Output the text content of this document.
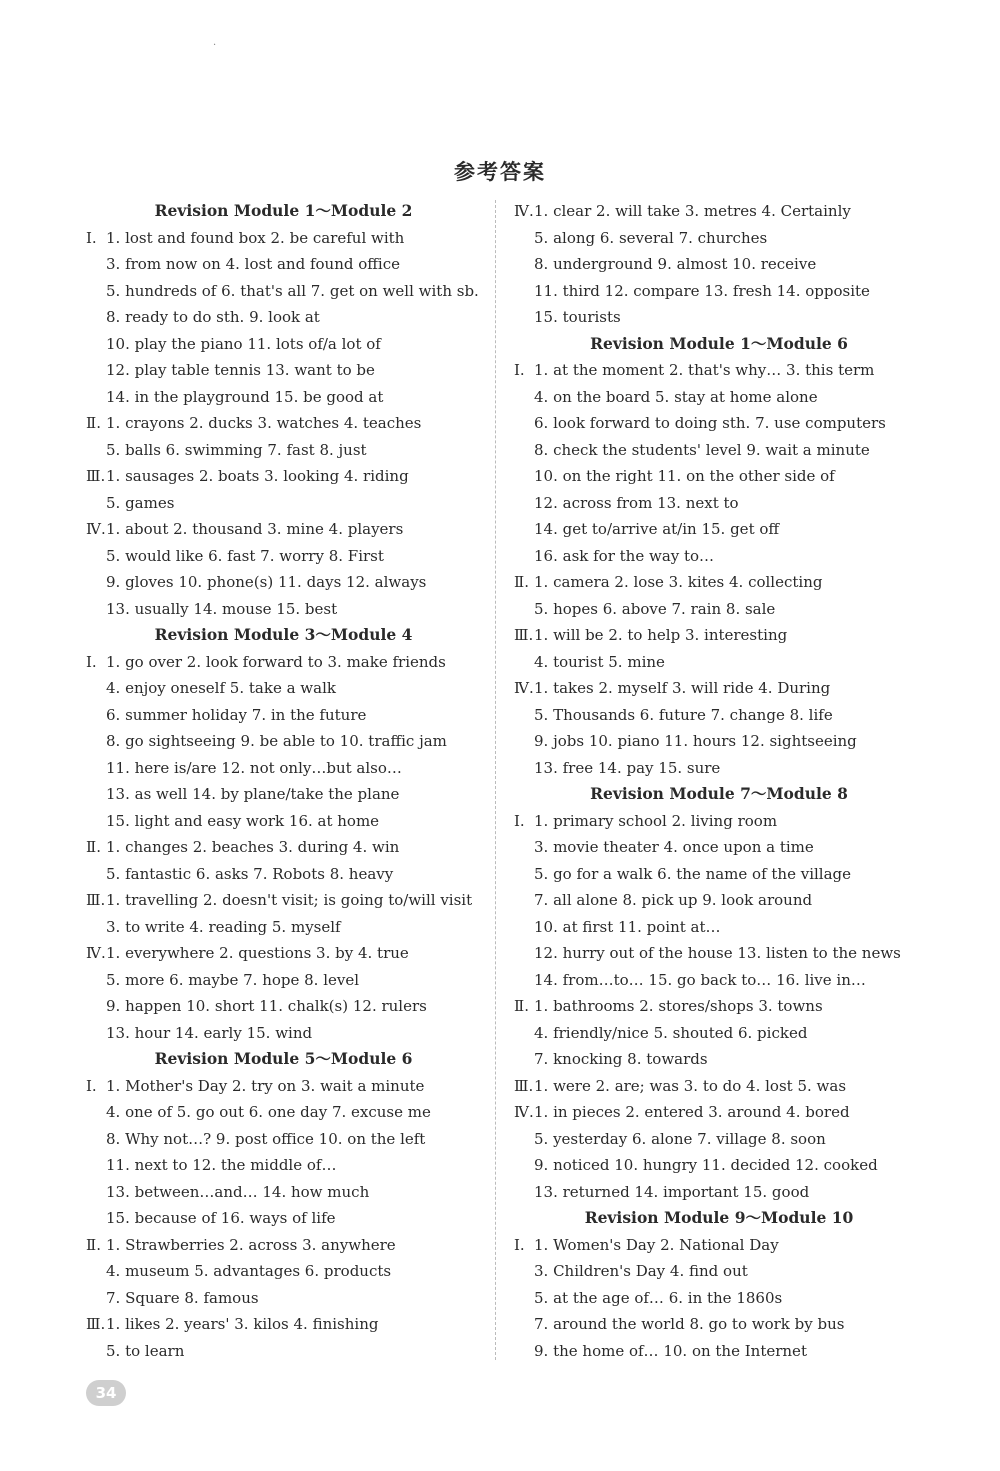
·
参考答案
Revision Module 1～Module 2
Ⅰ. 1. lost and found box 2. be careful with
3. from now on 4. lost and found office
5. hundreds of 6. that's all 7. get on well with sb.
8. ready to do sth. 9. look at
10. play the piano 11. lots of/a lot of
12. play table tennis 13. want to be
14. in the playground 15. be good at
Ⅱ. 1. crayons 2. ducks 3. watches 4. teaches
5. balls 6. swimming 7. fast 8. just
Ⅲ.1. sausages 2. boats 3. looking 4. riding
5. games
Ⅳ.1. about 2. thousand 3. mine 4. players
5. would like 6. fast 7. worry 8. First
9. gloves 10. phone(s) 11. days 12. always
13. usually 14. mouse 15. best
Revision Module 3～Module 4
Ⅰ. 1. go over 2. look forward to 3. make friends
4. enjoy oneself 5. take a walk
6. summer holiday 7. in the future
8. go sightseeing 9. be able to 10. traffic jam
11. here is/are 12. not only…but also…
13. as well 14. by plane/take the plane
15. light and easy work 16. at home
Ⅱ. 1. changes 2. beaches 3. during 4. win
5. fantastic 6. asks 7. Robots 8. heavy
Ⅲ.1. travelling 2. doesn't visit; is going to/will visit
3. to write 4. reading 5. myself
Ⅳ.1. everywhere 2. questions 3. by 4. true
5. more 6. maybe 7. hope 8. level
9. happen 10. short 11. chalk(s) 12. rulers
13. hour 14. early 15. wind
Revision Module 5～Module 6
Ⅰ. 1. Mother's Day 2. try on 3. wait a minute
4. one of 5. go out 6. one day 7. excuse me
8. Why not…? 9. post office 10. on the left
11. next to 12. the middle of…
13. between…and… 14. how much
15. because of 16. ways of life
Ⅱ. 1. Strawberries 2. across 3. anywhere
4. museum 5. advantages 6. products
7. Square 8. famous
Ⅲ.1. likes 2. years' 3. kilos 4. finishing
5. to learn
Ⅳ.1. clear 2. will take 3. metres 4. Certainly
5. along 6. several 7. churches
8. underground 9. almost 10. receive
11. third 12. compare 13. fresh 14. opposite
15. tourists
Revision Module 1～Module 6
Ⅰ. 1. at the moment 2. that's why… 3. this term
4. on the board 5. stay at home alone
6. look forward to doing sth. 7. use computers
8. check the students' level 9. wait a minute
10. on the right 11. on the other side of
12. across from 13. next to
14. get to/arrive at/in 15. get off
16. ask for the way to…
Ⅱ. 1. camera 2. lose 3. kites 4. collecting
5. hopes 6. above 7. rain 8. sale
Ⅲ.1. will be 2. to help 3. interesting
4. tourist 5. mine
Ⅳ.1. takes 2. myself 3. will ride 4. During
5. Thousands 6. future 7. change 8. life
9. jobs 10. piano 11. hours 12. sightseeing
13. free 14. pay 15. sure
Revision Module 7～Module 8
Ⅰ. 1. primary school 2. living room
3. movie theater 4. once upon a time
5. go for a walk 6. the name of the village
7. all alone 8. pick up 9. look around
10. at first 11. point at…
12. hurry out of the house 13. listen to the news
14. from…to… 15. go back to… 16. live in…
Ⅱ. 1. bathrooms 2. stores/shops 3. towns
4. friendly/nice 5. shouted 6. picked
7. knocking 8. towards
Ⅲ.1. were 2. are; was 3. to do 4. lost 5. was
Ⅳ.1. in pieces 2. entered 3. around 4. bored
5. yesterday 6. alone 7. village 8. soon
9. noticed 10. hungry 11. decided 12. cooked
13. returned 14. important 15. good
Revision Module 9～Module 10
Ⅰ. 1. Women's Day 2. National Day
3. Children's Day 4. find out
5. at the age of… 6. in the 1860s
7. around the world 8. go to work by bus
9. the home of… 10. on the Internet
34
